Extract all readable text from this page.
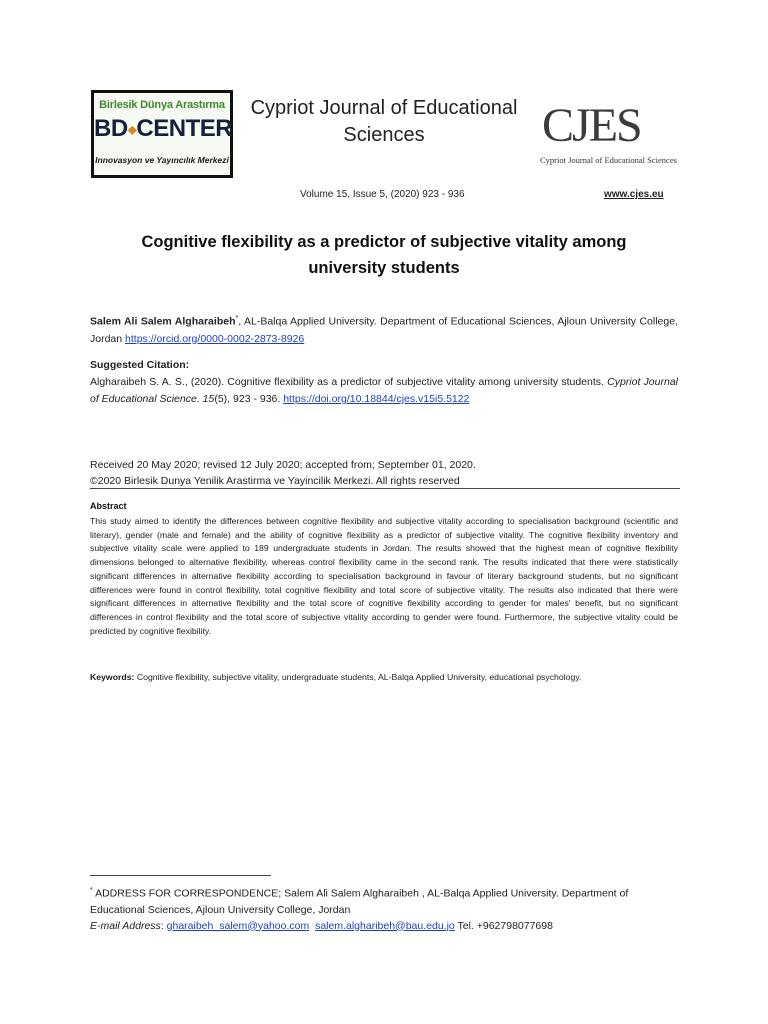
Birlesik Dünya Arastırma
BD◆CENTER
Innovasyon ve Yayıncılık Merkezi
Cypriot Journal of Educational
Sciences	CJES
Cypriot Journal of Educational Sciences
Volume 15, Issue 5, (2020) 923 - 936	www.cjes.eu
Cognitive flexibility as a predictor of subjective vitality among
university students
Salem Ali Salem Algharaibeh*, AL-Balqa Applied University. Department of Educational Sciences, Ajloun University College, Jordan https://orcid.org/0000-0002-2873-8926
Suggested Citation:
Algharaibeh S. A. S., (2020). Cognitive flexibility as a predictor of subjective vitality among university students. Cypriot Journal of Educational Science. 15(5), 923 - 936. https://doi.org/10.18844/cjes.v15i5.5122
Received 20 May 2020; revised 12 July 2020; accepted from; September 01, 2020.
©2020 Birlesik Dunya Yenilik Arastirma ve Yayincilik Merkezi. All rights reserved
Abstract
This study aimed to identify the differences between cognitive flexibility and subjective vitality according to specialisation background (scientific and literary), gender (male and female) and the ability of cognitive flexibility as a predictor of subjective vitality. The cognitive flexibility inventory and subjective vitality scale were applied to 189 undergraduate students in Jordan. The results showed that the highest mean of cognitive flexibility dimensions belonged to alternative flexibility, whereas control flexibility came in the second rank. The results indicated that there were statistically significant differences in alternative flexibility according to specialisation background in favour of literary background students, but no significant differences were found in control flexibility, total cognitive flexibility and total score of subjective vitality. The results also indicated that there were significant differences in alternative flexibility and the total score of cognitive flexibility according to gender for males' benefit, but no significant differences in control flexibility and the total score of subjective vitality according to gender were found. Furthermore, the subjective vitality could be predicted by cognitive flexibility.
Keywords: Cognitive flexibility, subjective vitality, undergraduate students, AL-Balqa Applied University, educational psychology.
* ADDRESS FOR CORRESPONDENCE; Salem Ali Salem Algharaibeh , AL-Balqa Applied University. Department of Educational Sciences, Ajloun University College, Jordan
E-mail Address: gharaibeh_salem@yahoo.com salem.algharibeh@bau.edu.jo Tel. +962798077698
